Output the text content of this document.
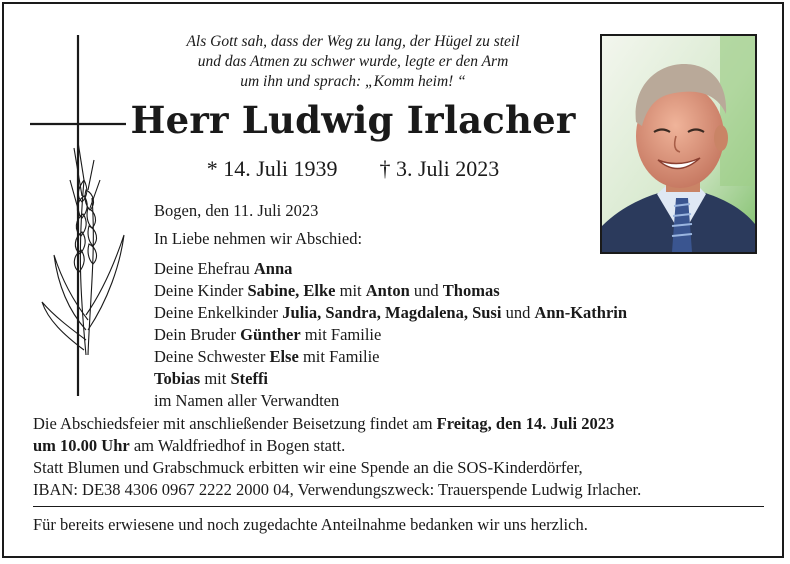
Als Gott sah, dass der Weg zu lang, der Hügel zu steil
und das Atmen zu schwer wurde, legte er den Arm
um ihn und sprach: „Komm heim! “
Herr Ludwig Irlacher
* 14. Juli 1939 † 3. Juli 2023
Bogen, den 11. Juli 2023
In Liebe nehmen wir Abschied:
Deine Ehefrau Anna
Deine Kinder Sabine, Elke mit Anton und Thomas
Deine Enkelkinder Julia, Sandra, Magdalena, Susi und Ann-Kathrin
Dein Bruder Günther mit Familie
Deine Schwester Else mit Familie
Tobias mit Steffi
im Namen aller Verwandten
Die Abschiedsfeier mit anschließender Beisetzung findet am Freitag, den 14. Juli 2023
um 10.00 Uhr am Waldfriedhof in Bogen statt.
Statt Blumen und Grabschmuck erbitten wir eine Spende an die SOS-Kinderdörfer,
IBAN: DE38 4306 0967 2222 2000 04, Verwendungszweck: Trauerspende Ludwig Irlacher.
Für bereits erwiesene und noch zugedachte Anteilnahme bedanken wir uns herzlich.
